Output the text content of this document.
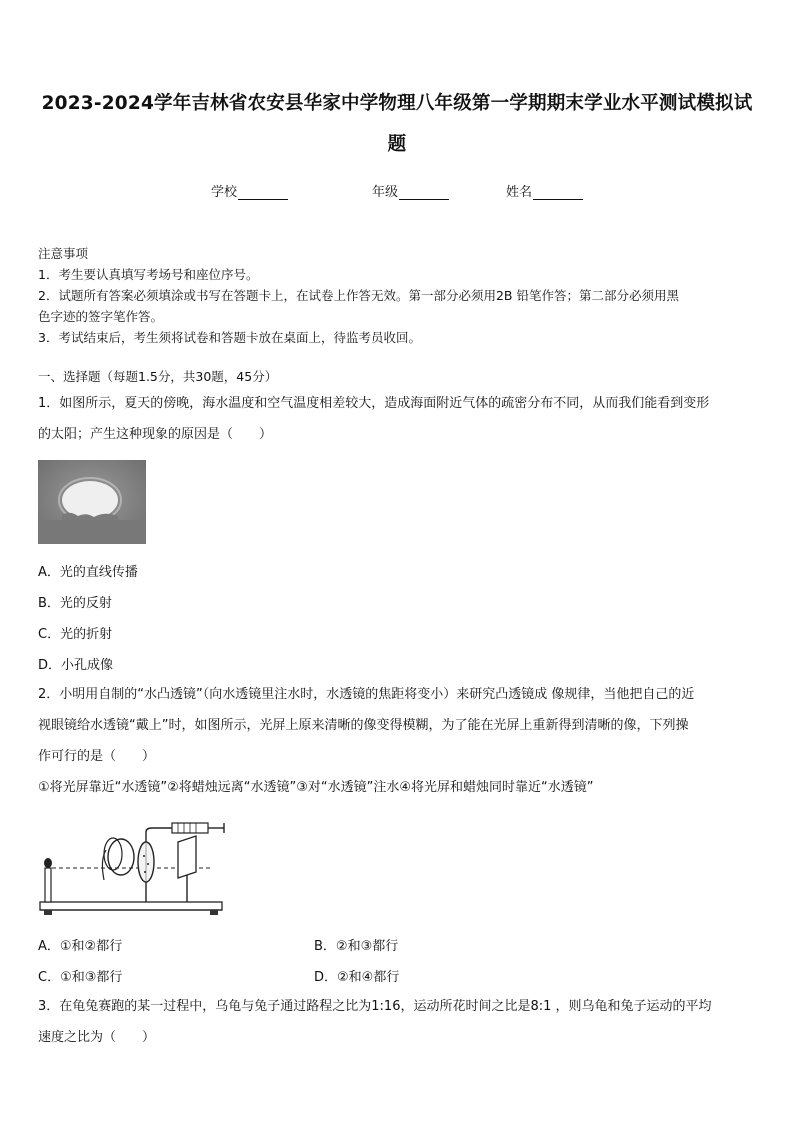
2023-2024学年吉林省农安县华家中学物理八年级第一学期期末学业水平测试模拟试
题
学校	年级	姓名
注意事项
1．考生要认真填写考场号和座位序号。
2．试题所有答案必须填涂或书写在答题卡上，在试卷上作答无效。第一部分必须用2B 铅笔作答；第二部分必须用黑
色字迹的签字笔作答。
3．考试结束后，考生须将试卷和答题卡放在桌面上，待监考员收回。
一、选择题（每题1.5分，共30题，45分）
1．如图所示，夏天的傍晚，海水温度和空气温度相差较大，造成海面附近气体的疏密分布不同，从而我们能看到变形
的太阳；产生这种现象的原因是（　　）
A．光的直线传播
B．光的反射
C．光的折射
D．小孔成像
2．小明用自制的“水凸透镜”（向水透镜里注水时，水透镜的焦距将变小）来研究凸透镜成 像规律，当他把自己的近
视眼镜给水透镜“戴上”时，如图所示，光屏上原来清晰的像变得模糊，为了能在光屏上重新得到清晰的像，下列操
作可行的是（　　）
①将光屏靠近“水透镜”②将蜡烛远离“水透镜”③对“水透镜”注水④将光屏和蜡烛同时靠近“水透镜”
A．①和②都行	B．②和③都行
C．①和③都行	D．②和④都行
3．在龟兔赛跑的某一过程中，乌龟与兔子通过路程之比为1:16，运动所花时间之比是8:1 ，则乌龟和兔子运动的平均
速度之比为（　　）
